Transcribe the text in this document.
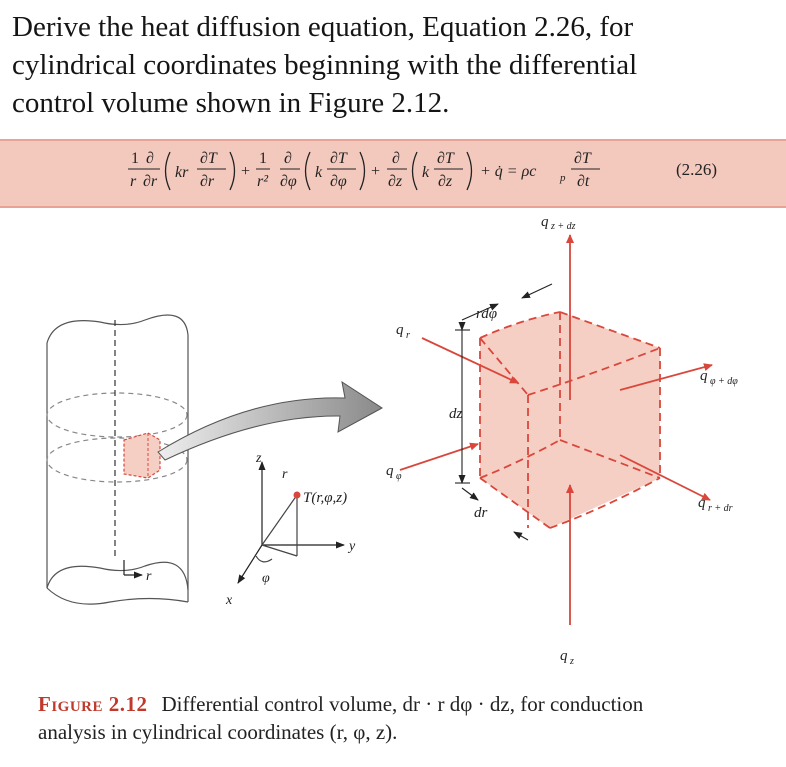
Derive the heat diffusion equation, Equation 2.26, for
cylindrical coordinates beginning with the differential
control volume shown in Figure 2.12.
1 ∂
r ∂r
kr
∂T
∂r
+
1 ∂
r² ∂φ
k
∂T
∂φ
+
∂
∂z
k
∂T
∂z
+ q̇ = ρc p
∂T
∂t
(2.26)
r
z
r
y
x
φ
T(r,φ,z)
q z + dz
rdφ
q r
q φ + dφ
dz
q φ
dr
q r + dr
q z
Figure 2.12 Differential control volume, dr · r dφ · dz, for conduction
analysis in cylindrical coordinates (r, φ, z).
